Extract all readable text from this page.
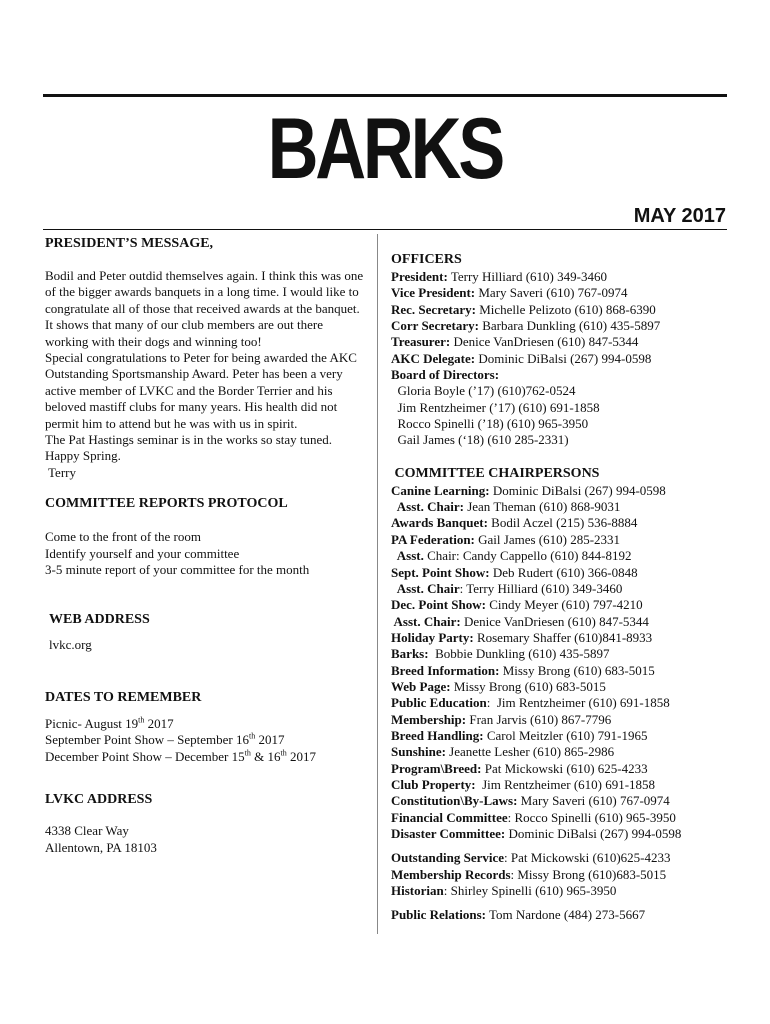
BARKS
MAY 2017

PRESIDENT’S MESSAGE,

Bodil and Peter outdid themselves again. I think this was one of the bigger awards banquets in a long time. I would like to congratulate all of those that received awards at the banquet. It shows that many of our club members are out there working with their dogs and winning too!

Special congratulations to Peter for being awarded the AKC Outstanding Sportsmanship Award. Peter has been a very active member of LVKC and the Border Terrier and his beloved mastiff clubs for many years. His health did not permit him to attend but he was with us in spirit.

The Pat Hastings seminar is in the works so stay tuned.

Happy Spring.

Terry

COMMITTEE REPORTS PROTOCOL

Come to the front of the room

Identify yourself and your committee

3-5 minute report of your committee for the month

WEB ADDRESS

lvkc.org

DATES TO REMEMBER

Picnic- August 19th 2017

September Point Show – September 16th 2017

December Point Show – December 15th & 16th 2017

LVKC ADDRESS

4338 Clear Way

Allentown, PA 18103

OFFICERS

President: Terry Hilliard (610) 349-3460

Vice President: Mary Saveri (610) 767-0974

Rec. Secretary: Michelle Pelizoto (610) 868-6390

Corr Secretary: Barbara Dunkling (610) 435-5897

Treasurer: Denice VanDriesen (610) 847-5344

AKC Delegate: Dominic DiBalsi (267) 994-0598

Board of Directors:

Gloria Boyle (’17) (610)762-0524

Jim Rentzheimer (’17) (610) 691-1858

Rocco Spinelli (’18) (610) 965-3950

Gail James (‘18) (610 285-2331)

COMMITTEE CHAIRPERSONS

Canine Learning: Dominic DiBalsi (267) 994-0598

Asst. Chair: Jean Theman (610) 868-9031

Awards Banquet: Bodil Aczel (215) 536-8884

PA Federation: Gail James (610) 285-2331

Asst. Chair: Candy Cappello (610) 844-8192

Sept. Point Show: Deb Rudert (610) 366-0848

Asst. Chair: Terry Hilliard (610) 349-3460

Dec. Point Show: Cindy Meyer (610) 797-4210

Asst. Chair: Denice VanDriesen (610) 847-5344

Holiday Party: Rosemary Shaffer (610)841-8933

Barks:  Bobbie Dunkling (610) 435-5897

Breed Information: Missy Brong (610) 683-5015

Web Page: Missy Brong (610) 683-5015

Public Education:  Jim Rentzheimer (610) 691-1858

Membership: Fran Jarvis (610) 867-7796

Breed Handling: Carol Meitzler (610) 791-1965

Sunshine: Jeanette Lesher (610) 865-2986

Program\Breed: Pat Mickowski (610) 625-4233

Club Property:  Jim Rentzheimer (610) 691-1858

Constitution\By-Laws: Mary Saveri (610) 767-0974

Financial Committee: Rocco Spinelli (610) 965-3950

Disaster Committee: Dominic DiBalsi (267) 994-0598

Outstanding Service: Pat Mickowski (610)625-4233

Membership Records: Missy Brong (610)683-5015

Historian: Shirley Spinelli (610) 965-3950

Public Relations: Tom Nardone (484) 273-5667
